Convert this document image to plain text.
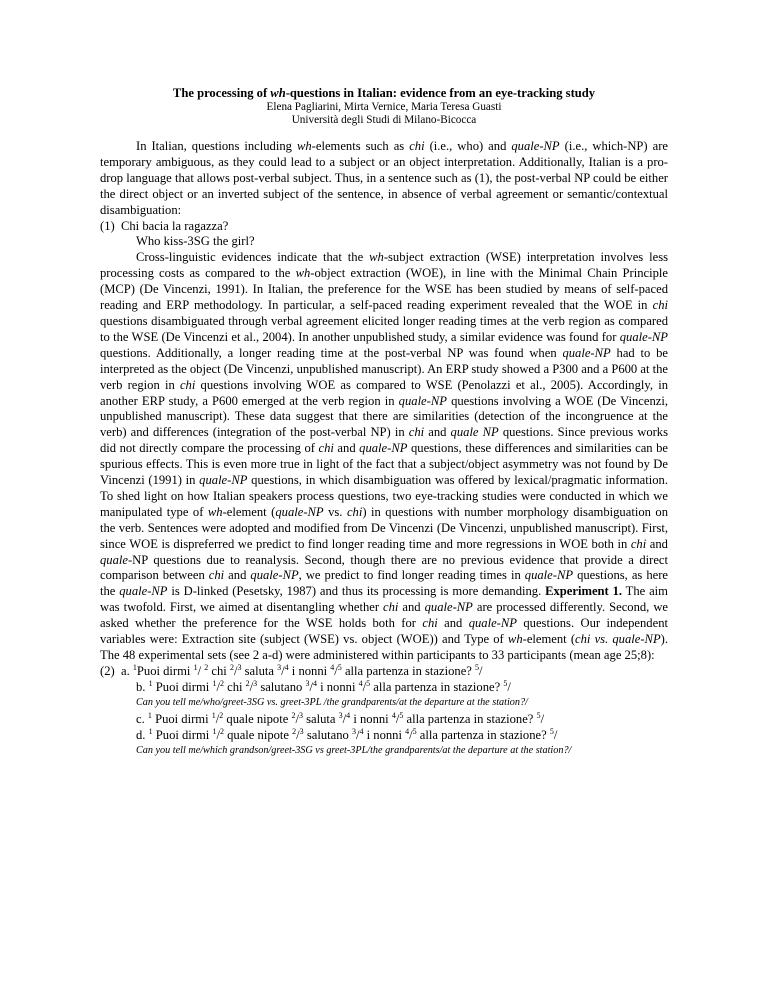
The processing of wh-questions in Italian: evidence from an eye-tracking study

Elena Pagliarini, Mirta Vernice, Maria Teresa Guasti

Università degli Studi di Milano-Bicocca

In Italian, questions including wh-elements such as chi (i.e., who) and quale-NP (i.e., which-NP) are temporary ambiguous, as they could lead to a subject or an object interpretation. Additionally, Italian is a pro-drop language that allows post-verbal subject. Thus, in a sentence such as (1), the post-verbal NP could be either the direct object or an inverted subject of the sentence, in absence of verbal agreement or semantic/contextual disambiguation:

(1) Chi bacia la ragazza?

Who kiss-3SG the girl?

Cross-linguistic evidences indicate that the wh-subject extraction (WSE) interpretation involves less processing costs as compared to the wh-object extraction (WOE), in line with the Minimal Chain Principle (MCP) (De Vincenzi, 1991). In Italian, the preference for the WSE has been studied by means of self-paced reading and ERP methodology. In particular, a self-paced reading experiment revealed that the WOE in chi questions disambiguated through verbal agreement elicited longer reading times at the verb region as compared to the WSE (De Vincenzi et al., 2004). In another unpublished study, a similar evidence was found for quale-NP questions. Additionally, a longer reading time at the post-verbal NP was found when quale-NP had to be interpreted as the object (De Vincenzi, unpublished manuscript). An ERP study showed a P300 and a P600 at the verb region in chi questions involving WOE as compared to WSE (Penolazzi et al., 2005). Accordingly, in another ERP study, a P600 emerged at the verb region in quale-NP questions involving a WOE (De Vincenzi, unpublished manuscript). These data suggest that there are similarities (detection of the incongruence at the verb) and differences (integration of the post-verbal NP) in chi and quale NP questions. Since previous works did not directly compare the processing of chi and quale-NP questions, these differences and similarities can be spurious effects. This is even more true in light of the fact that a subject/object asymmetry was not found by De Vincenzi (1991) in quale-NP questions, in which disambiguation was offered by lexical/pragmatic information. To shed light on how Italian speakers process questions, two eye-tracking studies were conducted in which we manipulated type of wh-element (quale-NP vs. chi) in questions with number morphology disambiguation on the verb. Sentences were adopted and modified from De Vincenzi (De Vincenzi, unpublished manuscript). First, since WOE is dispreferred we predict to find longer reading time and more regressions in WOE both in chi and quale-NP questions due to reanalysis. Second, though there are no previous evidence that provide a direct comparison between chi and quale-NP, we predict to find longer reading times in quale-NP questions, as here the quale-NP is D-linked (Pesetsky, 1987) and thus its processing is more demanding. Experiment 1. The aim was twofold. First, we aimed at disentangling whether chi and quale-NP are processed differently. Second, we asked whether the preference for the WSE holds both for chi and quale-NP questions. Our independent variables were: Extraction site (subject (WSE) vs. object (WOE)) and Type of wh-element (chi vs. quale-NP). The 48 experimental sets (see 2 a-d) were administered within participants to 33 participants (mean age 25;8):

(2) a. $^1$Puoi dirmi $^1$/ $^2$ chi $^2$/$^3$ saluta $^3$/$^4$ i nonni $^4$/$^5$ alla partenza in stazione? $^5$/

b. $^1$ Puoi dirmi $^1$/$^2$ chi $^2$/$^3$ salutano $^3$/$^4$ i nonni $^4$/$^5$ alla partenza in stazione? $^5$/

Can you tell me/who/greet-3SG vs. greet-3PL /the grandparents/at the departure at the station?/

c. $^1$ Puoi dirmi $^1$/$^2$ quale nipote $^2$/$^3$ saluta $^3$/$^4$ i nonni $^4$/$^5$ alla partenza in stazione? $^5$/

d. $^1$ Puoi dirmi $^1$/$^2$ quale nipote $^2$/$^3$ salutano $^3$/$^4$ i nonni $^4$/$^5$ alla partenza in stazione? $^5$/

Can you tell me/which grandson/greet-3SG vs greet-3PL/the grandparents/at the departure at the station?/
